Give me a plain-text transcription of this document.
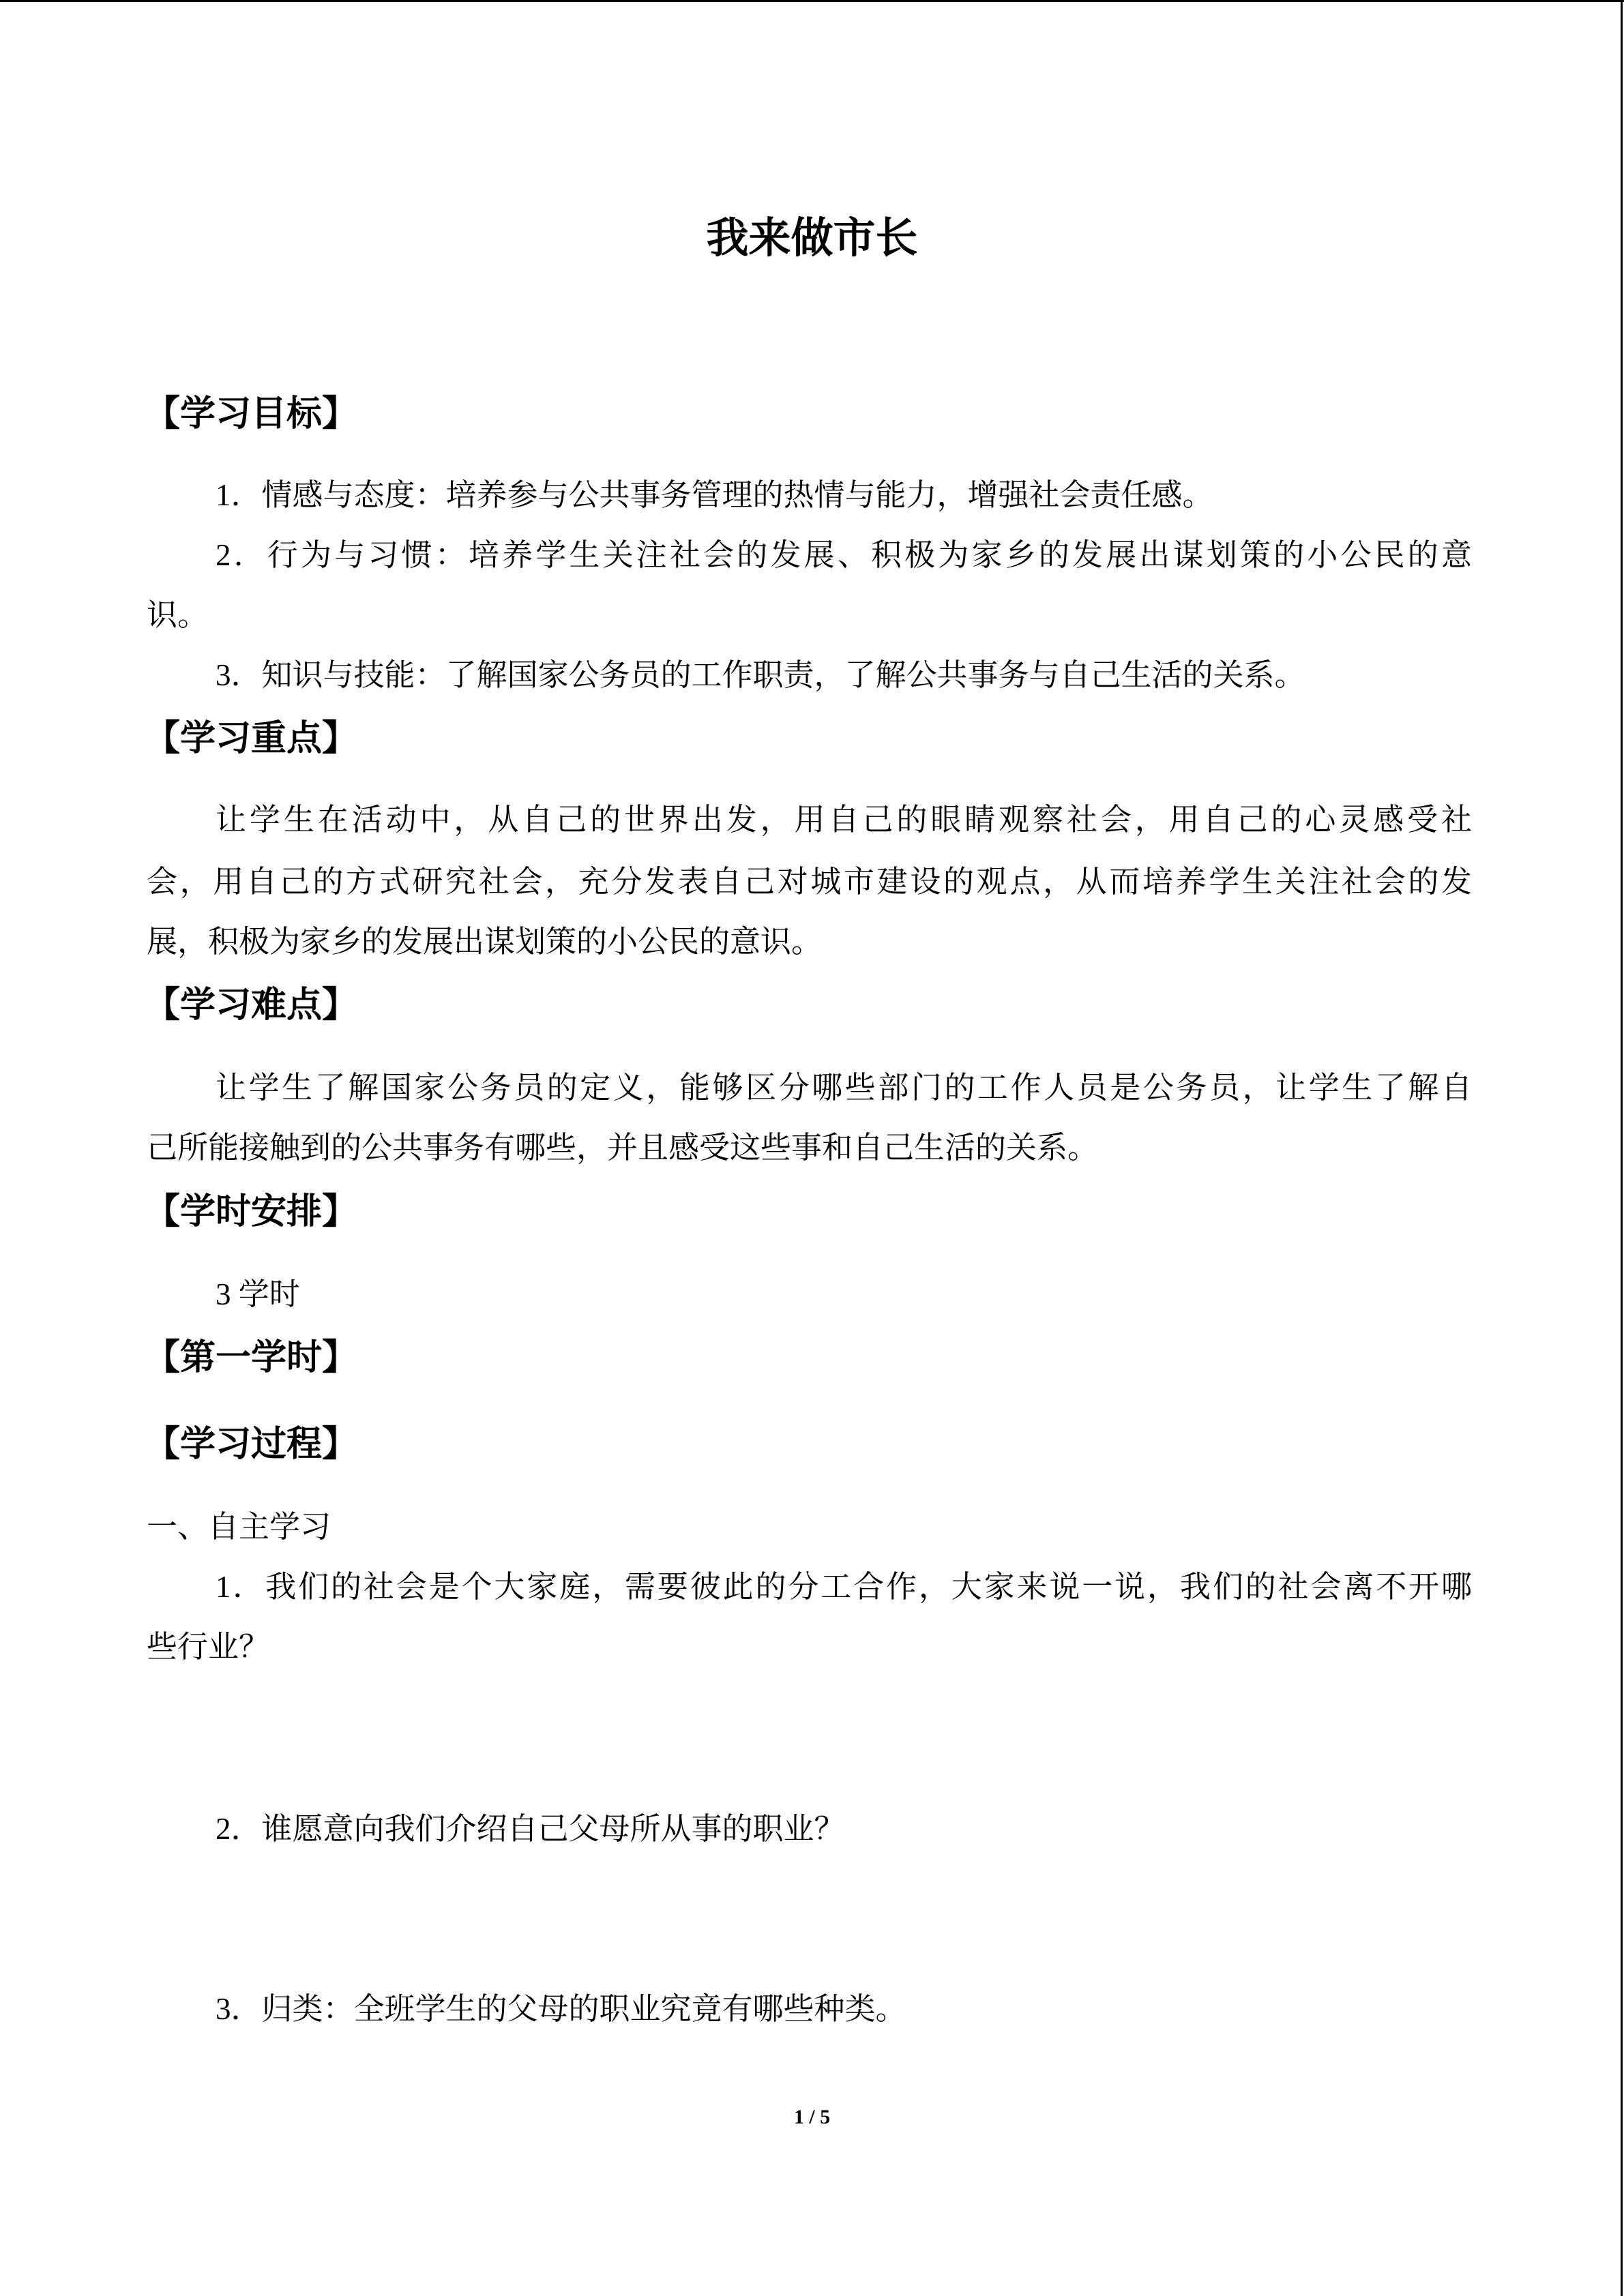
我来做市长
【学习目标】
1．情感与态度：培养参与公共事务管理的热情与能力，增强社会责任感。
2．行为与习惯：培养学生关注社会的发展、积极为家乡的发展出谋划策的小公民的意
识。
3．知识与技能：了解国家公务员的工作职责，了解公共事务与自己生活的关系。
【学习重点】
让学生在活动中，从自己的世界出发，用自己的眼睛观察社会，用自己的心灵感受社
会，用自己的方式研究社会，充分发表自己对城市建设的观点，从而培养学生关注社会的发
展，积极为家乡的发展出谋划策的小公民的意识。
【学习难点】
让学生了解国家公务员的定义，能够区分哪些部门的工作人员是公务员，让学生了解自
己所能接触到的公共事务有哪些，并且感受这些事和自己生活的关系。
【学时安排】
3 学时
【第一学时】
【学习过程】
一、自主学习
1．我们的社会是个大家庭，需要彼此的分工合作，大家来说一说，我们的社会离不开哪
些行业？
2．谁愿意向我们介绍自己父母所从事的职业？
3．归类：全班学生的父母的职业究竟有哪些种类。
1 / 5
